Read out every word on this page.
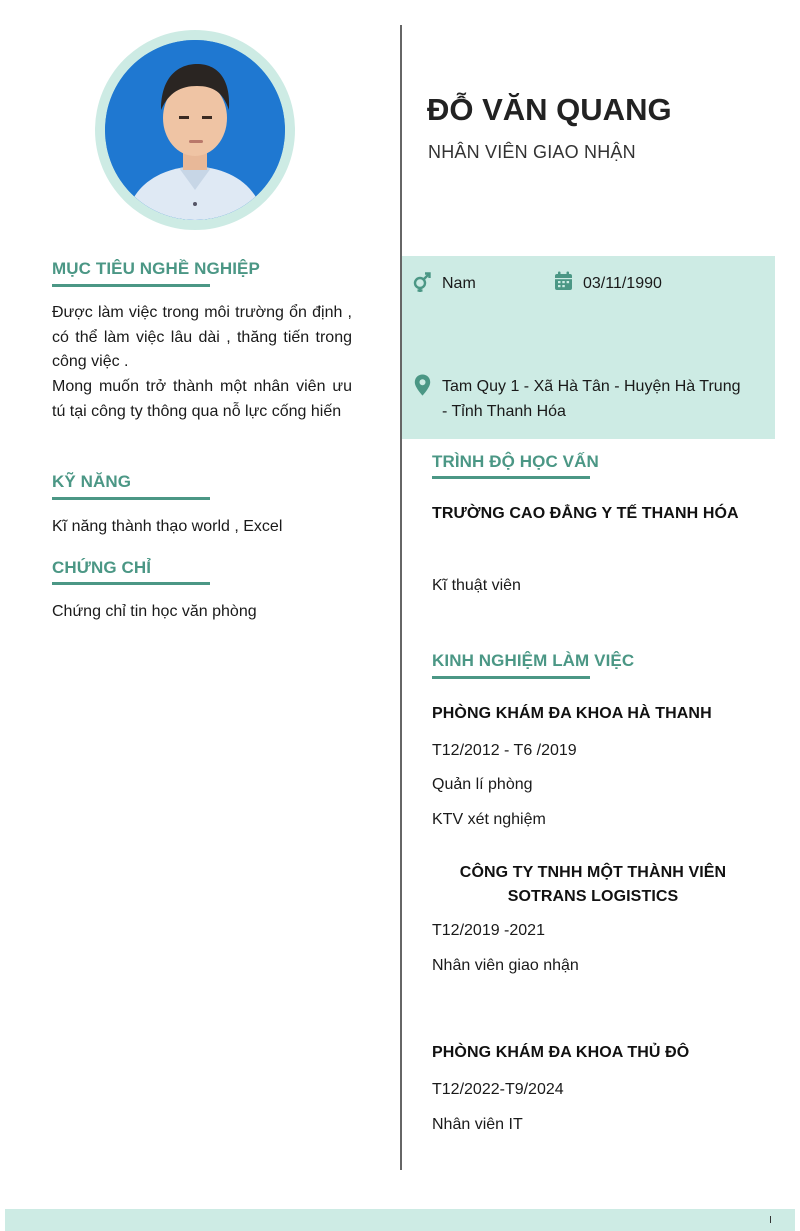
MỤC TIÊU NGHỀ NGHIỆP
Được làm việc trong môi trường ổn định , có thể làm việc lâu dài , thăng tiến trong công việc .
Mong muốn trở thành một nhân viên ưu tú tại công ty thông qua nỗ lực cống hiến
KỸ NĂNG
Kĩ năng thành thạo world , Excel
CHỨNG CHỈ
Chứng chỉ tin học văn phòng
ĐỖ VĂN QUANG
NHÂN VIÊN GIAO NHẬN
Nam	03/11/1990
Tam Quy 1 - Xã Hà Tân - Huyện Hà Trung - Tỉnh Thanh Hóa
TRÌNH ĐỘ HỌC VẤN
TRƯỜNG CAO ĐẲNG Y TẾ THANH HÓA
Kĩ thuật viên
KINH NGHIỆM LÀM VIỆC
PHÒNG KHÁM ĐA KHOA HÀ THANH
T12/2012 - T6 /2019
Quản lí phòng
KTV xét nghiệm
CÔNG TY TNHH MỘT THÀNH VIÊN SOTRANS LOGISTICS
T12/2019 -2021
Nhân viên giao nhận
PHÒNG KHÁM ĐA KHOA THỦ ĐÔ
T12/2022-T9/2024
Nhân viên IT
